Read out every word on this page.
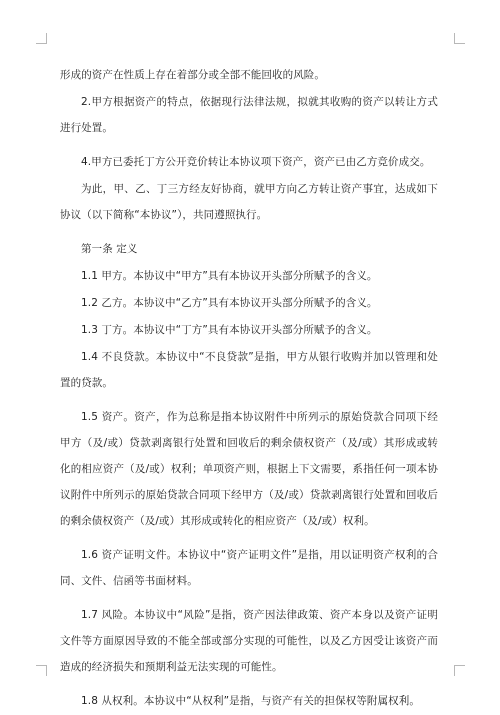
形成的资产在性质上存在着部分或全部不能回收的风险。

2.甲方根据资产的特点，依据现行法律法规，拟就其收购的资产以转让方式进行处置。

4.甲方已委托丁方公开竞价转让本协议项下资产，资产已由乙方竞价成交。

为此，甲、乙、丁三方经友好协商，就甲方向乙方转让资产事宜，达成如下协议（以下简称“本协议”），共同遵照执行。

第一条 定义

1.1 甲方。本协议中“甲方”具有本协议开头部分所赋予的含义。

1.2 乙方。本协议中“乙方”具有本协议开头部分所赋予的含义。

1.3 丁方。本协议中“丁方”具有本协议开头部分所赋予的含义。

1.4 不良贷款。本协议中“不良贷款”是指，甲方从银行收购并加以管理和处置的贷款。

1.5 资产。资产，作为总称是指本协议附件中所列示的原始贷款合同项下经甲方（及/或）贷款剥离银行处置和回收后的剩余债权资产（及/或）其形成或转化的相应资产（及/或）权利；单项资产则，根据上下文需要，系指任何一项本协议附件中所列示的原始贷款合同项下经甲方（及/或）贷款剥离银行处置和回收后的剩余债权资产（及/或）其形成或转化的相应资产（及/或）权利。

1.6 资产证明文件。本协议中“资产证明文件”是指，用以证明资产权利的合同、文件、信函等书面材料。

1.7 风险。本协议中“风险”是指，资产因法律政策、资产本身以及资产证明文件等方面原因导致的不能全部或部分实现的可能性，以及乙方因受让该资产而造成的经济损失和预期利益无法实现的可能性。

1.8 从权利。本协议中“从权利”是指，与资产有关的担保权等附属权利。
